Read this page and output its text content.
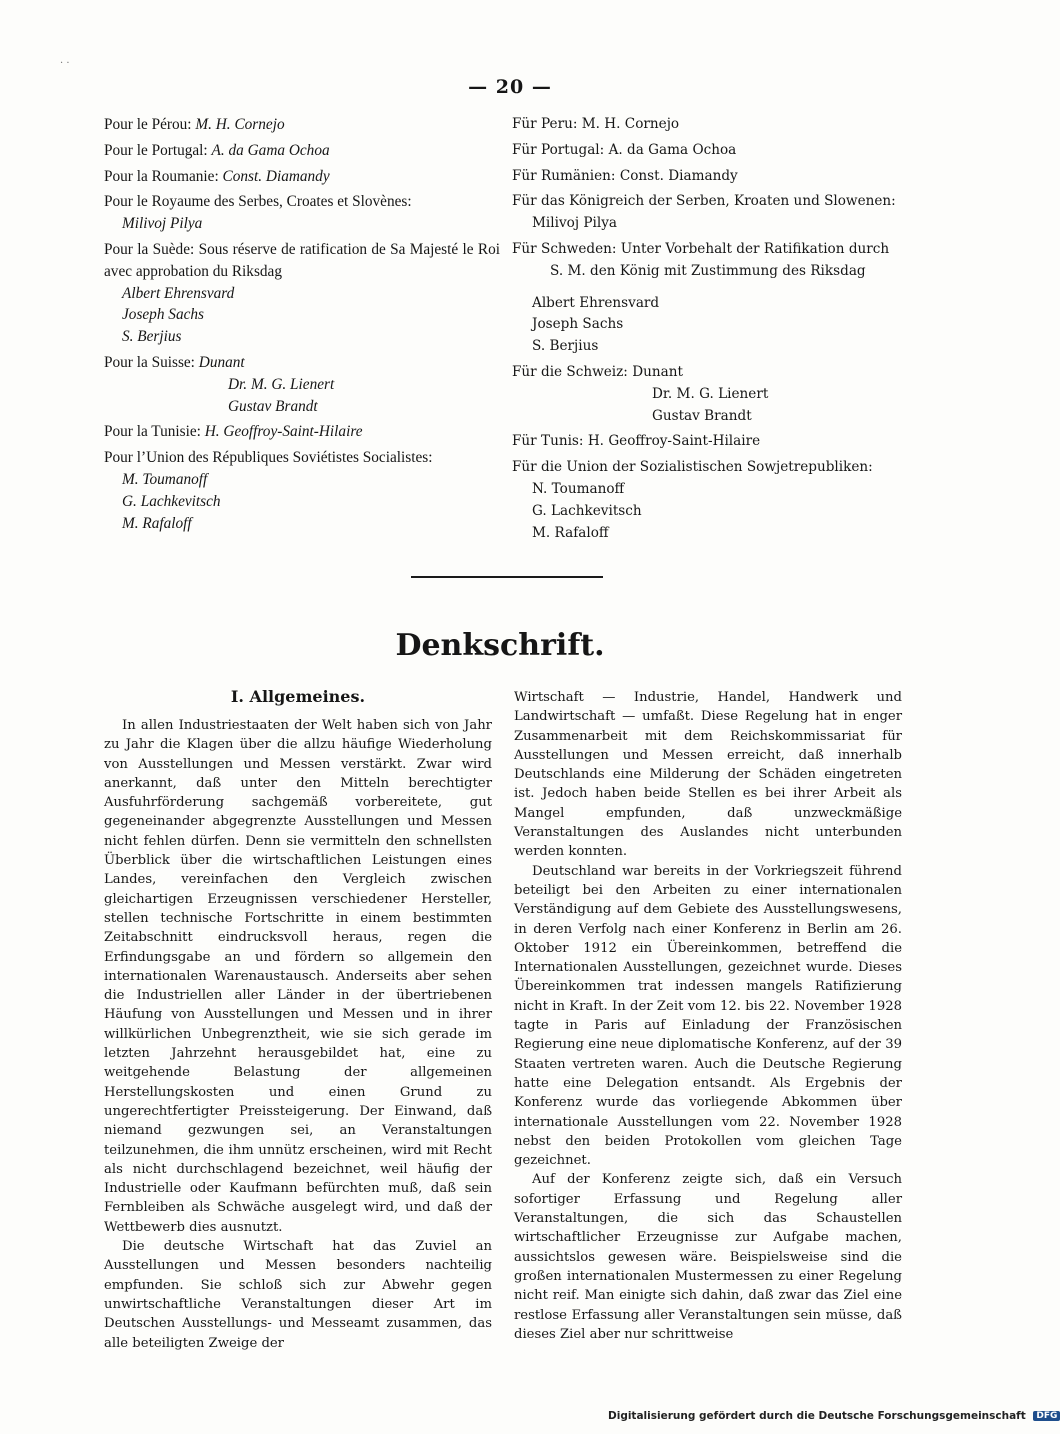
· ·
— 20 —
Pour le Pérou: M. H. Cornejo
Pour le Portugal: A. da Gama Ochoa
Pour la Roumanie: Const. Diamandy
Pour le Royaume des Serbes, Croates et Slovènes:
Milivoj Pilya
Pour la Suède: Sous réserve de ratification de Sa Majesté le Roi avec approbation du Riksdag
Albert Ehrensvard
Joseph Sachs
S. Berjius
Pour la Suisse: Dunant
Dr. M. G. Lienert
Gustav Brandt
Pour la Tunisie: H. Geoffroy-Saint-Hilaire
Pour l’Union des Républiques Soviétistes Socialistes:
M. Toumanoff
G. Lachkevitsch
M. Rafaloff
Für Peru: M. H. Cornejo
Für Portugal: A. da Gama Ochoa
Für Rumänien: Const. Diamandy
Für das Königreich der Serben, Kroaten und Slowenen:
Milivoj Pilya
Für Schweden: Unter Vorbehalt der Ratifikation durch
S. M. den König mit Zustimmung des Riksdag
Albert Ehrensvard
Joseph Sachs
S. Berjius
Für die Schweiz: Dunant
Dr. M. G. Lienert
Gustav Brandt
Für Tunis: H. Geoffroy-Saint-Hilaire
Für die Union der Sozialistischen Sowjetrepubliken:
N. Toumanoff
G. Lachkevitsch
M. Rafaloff
Denkschrift.
I. Allgemeines.

In allen Industriestaaten der Welt haben sich von Jahr zu Jahr die Klagen über die allzu häufige Wiederholung von Ausstellungen und Messen verstärkt. Zwar wird anerkannt, daß unter den Mitteln berechtigter Ausfuhrförderung sachgemäß vorbereitete, gut gegeneinander abgegrenzte Ausstellungen und Messen nicht fehlen dürfen. Denn sie vermitteln den schnellsten Überblick über die wirtschaftlichen Leistungen eines Landes, vereinfachen den Vergleich zwischen gleichartigen Erzeugnissen verschiedener Hersteller, stellen technische Fortschritte in einem bestimmten Zeitabschnitt eindrucksvoll heraus, regen die Erfindungsgabe an und fördern so allgemein den internationalen Warenaustausch. Anderseits aber sehen die Industriellen aller Länder in der übertriebenen Häufung von Ausstellungen und Messen und in ihrer willkürlichen Unbegrenztheit, wie sie sich gerade im letzten Jahrzehnt herausgebildet hat, eine zu weitgehende Belastung der allgemeinen Herstellungskosten und einen Grund zu ungerechtfertigter Preissteigerung. Der Einwand, daß niemand gezwungen sei, an Veranstaltungen teilzunehmen, die ihm unnütz erscheinen, wird mit Recht als nicht durchschlagend bezeichnet, weil häufig der Industrielle oder Kaufmann befürchten muß, daß sein Fernbleiben als Schwäche ausgelegt wird, und daß der Wettbewerb dies ausnutzt.

Die deutsche Wirtschaft hat das Zuviel an Ausstellungen und Messen besonders nachteilig empfunden. Sie schloß sich zur Abwehr gegen unwirtschaftliche Veranstaltungen dieser Art im Deutschen Ausstellungs- und Messeamt zusammen, das alle beteiligten Zweige der

Wirtschaft — Industrie, Handel, Handwerk und Landwirtschaft — umfaßt. Diese Regelung hat in enger Zusammenarbeit mit dem Reichskommissariat für Ausstellungen und Messen erreicht, daß innerhalb Deutschlands eine Milderung der Schäden eingetreten ist. Jedoch haben beide Stellen es bei ihrer Arbeit als Mangel empfunden, daß unzweckmäßige Veranstaltungen des Auslandes nicht unterbunden werden konnten.

Deutschland war bereits in der Vorkriegszeit führend beteiligt bei den Arbeiten zu einer internationalen Verständigung auf dem Gebiete des Ausstellungswesens, in deren Verfolg nach einer Konferenz in Berlin am 26. Oktober 1912 ein Übereinkommen, betreffend die Internationalen Ausstellungen, gezeichnet wurde. Dieses Übereinkommen trat indessen mangels Ratifizierung nicht in Kraft. In der Zeit vom 12. bis 22. November 1928 tagte in Paris auf Einladung der Französischen Regierung eine neue diplomatische Konferenz, auf der 39 Staaten vertreten waren. Auch die Deutsche Regierung hatte eine Delegation entsandt. Als Ergebnis der Konferenz wurde das vorliegende Abkommen über internationale Ausstellungen vom 22. November 1928 nebst den beiden Protokollen vom gleichen Tage gezeichnet.

Auf der Konferenz zeigte sich, daß ein Versuch sofortiger Erfassung und Regelung aller Veranstaltungen, die sich das Schaustellen wirtschaftlicher Erzeugnisse zur Aufgabe machen, aussichtslos gewesen wäre. Beispielsweise sind die großen internationalen Mustermessen zu einer Regelung nicht reif. Man einigte sich dahin, daß zwar das Ziel eine restlose Erfassung aller Veranstaltungen sein müsse, daß dieses Ziel aber nur schrittweise

Digitalisierung gefördert durch die Deutsche Forschungsgemeinschaft DFG
